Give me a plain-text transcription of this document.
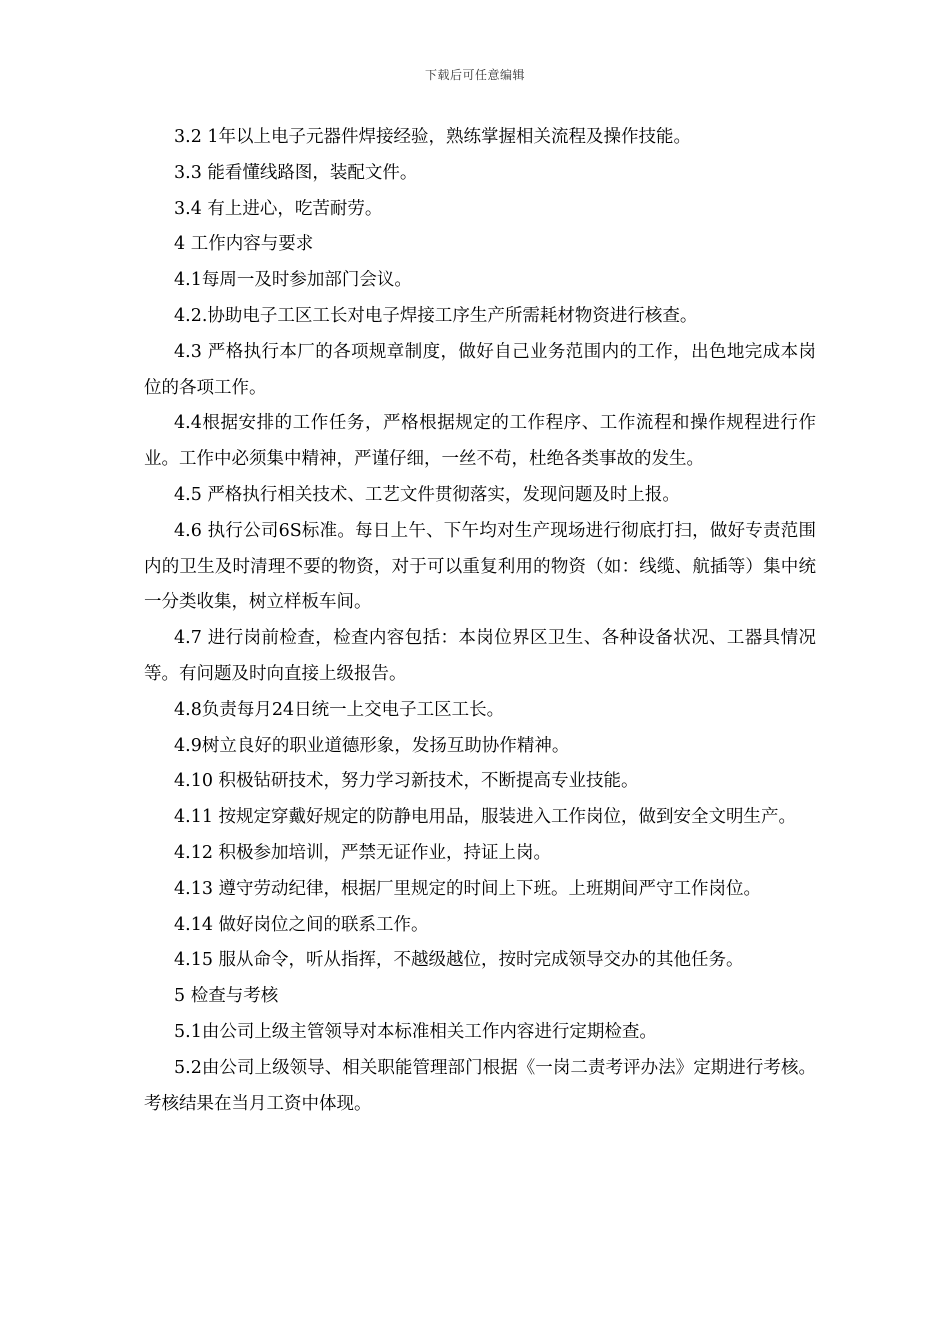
下载后可任意编辑

3.2 1年以上电子元器件焊接经验，熟练掌握相关流程及操作技能。

3.3 能看懂线路图，装配文件。

3.4 有上进心，吃苦耐劳。

4 工作内容与要求

4.1每周一及时参加部门会议。

4.2.协助电子工区工长对电子焊接工序生产所需耗材物资进行核查。

4.3 严格执行本厂的各项规章制度，做好自己业务范围内的工作，出色地完成本岗位的各项工作。

4.4根据安排的工作任务，严格根据规定的工作程序、工作流程和操作规程进行作业。工作中必须集中精神，严谨仔细，一丝不苟，杜绝各类事故的发生。

4.5 严格执行相关技术、工艺文件贯彻落实，发现问题及时上报。

4.6 执行公司6S标准。每日上午、下午均对生产现场进行彻底打扫，做好专责范围内的卫生及时清理不要的物资，对于可以重复利用的物资（如：线缆、航插等）集中统一分类收集，树立样板车间。

4.7 进行岗前检查，检查内容包括：本岗位界区卫生、各种设备状况、工器具情况等。有问题及时向直接上级报告。

4.8负责每月24日统一上交电子工区工长。

4.9树立良好的职业道德形象，发扬互助协作精神。

4.10 积极钻研技术，努力学习新技术，不断提高专业技能。

4.11 按规定穿戴好规定的防静电用品，服装进入工作岗位，做到安全文明生产。

4.12 积极参加培训，严禁无证作业，持证上岗。

4.13 遵守劳动纪律，根据厂里规定的时间上下班。上班期间严守工作岗位。

4.14 做好岗位之间的联系工作。

4.15 服从命令，听从指挥，不越级越位，按时完成领导交办的其他任务。

5 检查与考核

5.1由公司上级主管领导对本标准相关工作内容进行定期检查。

5.2由公司上级领导、相关职能管理部门根据《一岗二责考评办法》定期进行考核。考核结果在当月工资中体现。
